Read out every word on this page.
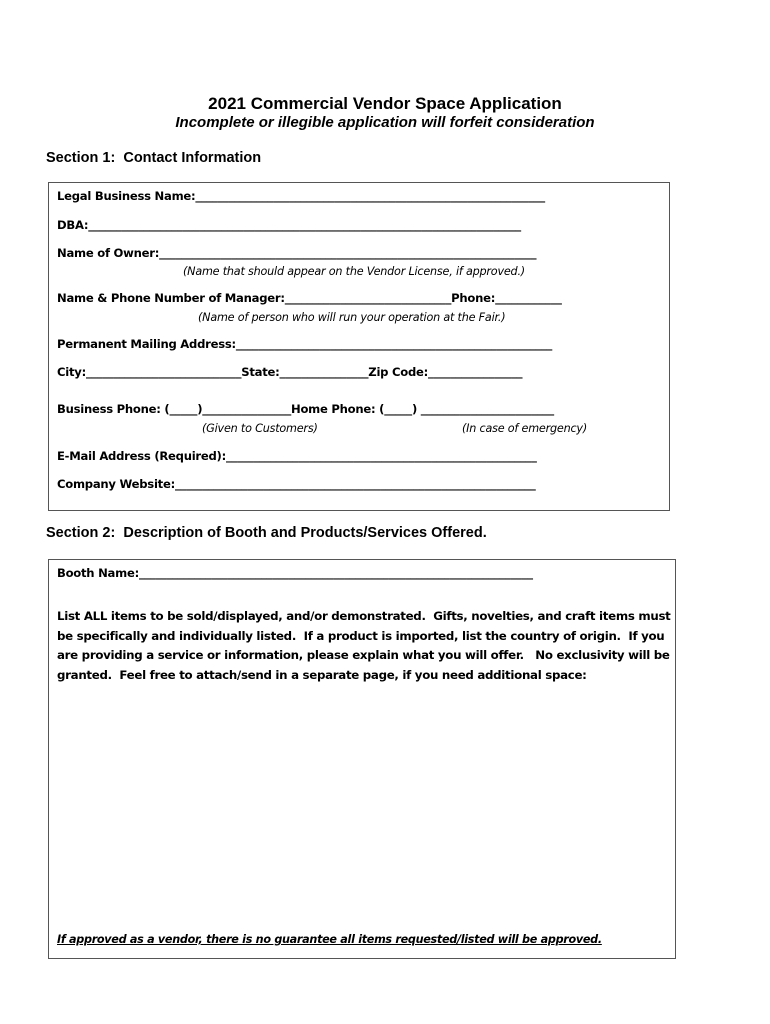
2021 Commercial Vendor Space Application
Incomplete or illegible application will forfeit consideration
Section 1:  Contact Information
Legal Business Name:_______________________________________________________________
DBA:______________________________________________________________________________
Name of Owner:____________________________________________________________________
(Name that should appear on the Vendor License, if approved.)
Name & Phone Number of Manager:______________________________Phone:____________
(Name of person who will run your operation at the Fair.)
Permanent Mailing Address:_________________________________________________________
City:____________________________State:________________Zip Code:_________________
Business Phone: (_____)________________Home Phone: (_____) ________________________
(Given to Customers)	(In case of emergency)
E-Mail Address (Required):________________________________________________________
Company Website:_________________________________________________________________
Section 2:  Description of Booth and Products/Services Offered.
Booth Name:_______________________________________________________________________
List ALL items to be sold/displayed, and/or demonstrated.  Gifts, novelties, and craft items must
be specifically and individually listed.  If a product is imported, list the country of origin.  If you
are providing a service or information, please explain what you will offer.   No exclusivity will be
granted.  Feel free to attach/send in a separate page, if you need additional space:
If approved as a vendor, there is no guarantee all items requested/listed will be approved.
